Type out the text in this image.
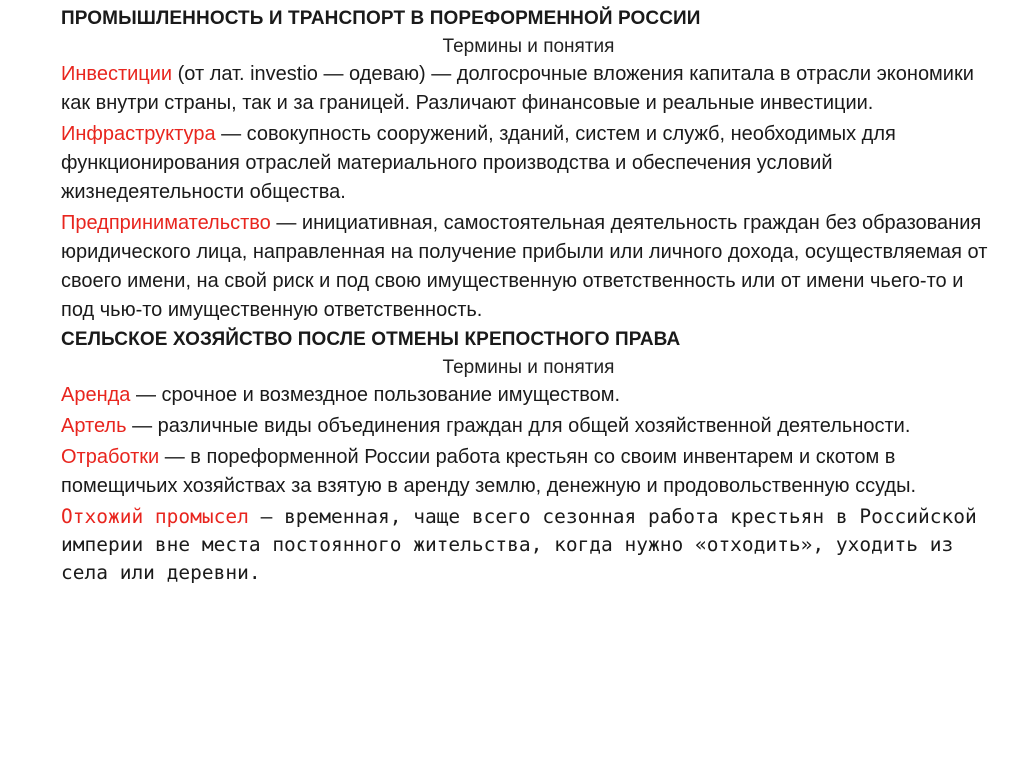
ПРОМЫШЛЕННОСТЬ И ТРАНСПОРТ В ПОРЕФОРМЕННОЙ РОССИИ
Термины и понятия

Инвестиции (от лат. investio — одеваю) — долгосрочные вложения капитала в отрасли экономики как внутри страны, так и за границей. Различают финансовые и реальные инвестиции.

Инфраструктура — совокупность сооружений, зданий, систем и служб, необходимых для функционирования отраслей материального производства и обеспечения условий жизнедеятельности общества.

Предпринимательство — инициативная, самостоятельная деятельность граждан без образования юридического лица, направленная на получение прибыли или личного дохода, осуществляемая от своего имени, на свой риск и под свою имущественную ответственность или от имени чьего-то и под чью-то имущественную ответственность.

СЕЛЬСКОЕ ХОЗЯЙСТВО ПОСЛЕ ОТМЕНЫ КРЕПОСТНОГО ПРАВА
Термины и понятия

Аренда — срочное и возмездное пользование имуществом.

Артель — различные виды объединения граждан для общей хозяйственной деятельности.

Отработки — в пореформенной России работа крестьян со своим инвентарем и скотом в помещичьих хозяйствах за взятую в аренду землю, денежную и продовольственную ссуды.

Отхожий промысел — временная, чаще всего сезонная работа крестьян в Российской империи вне места постоянного жительства, когда нужно «отходить», уходить из села или деревни.
